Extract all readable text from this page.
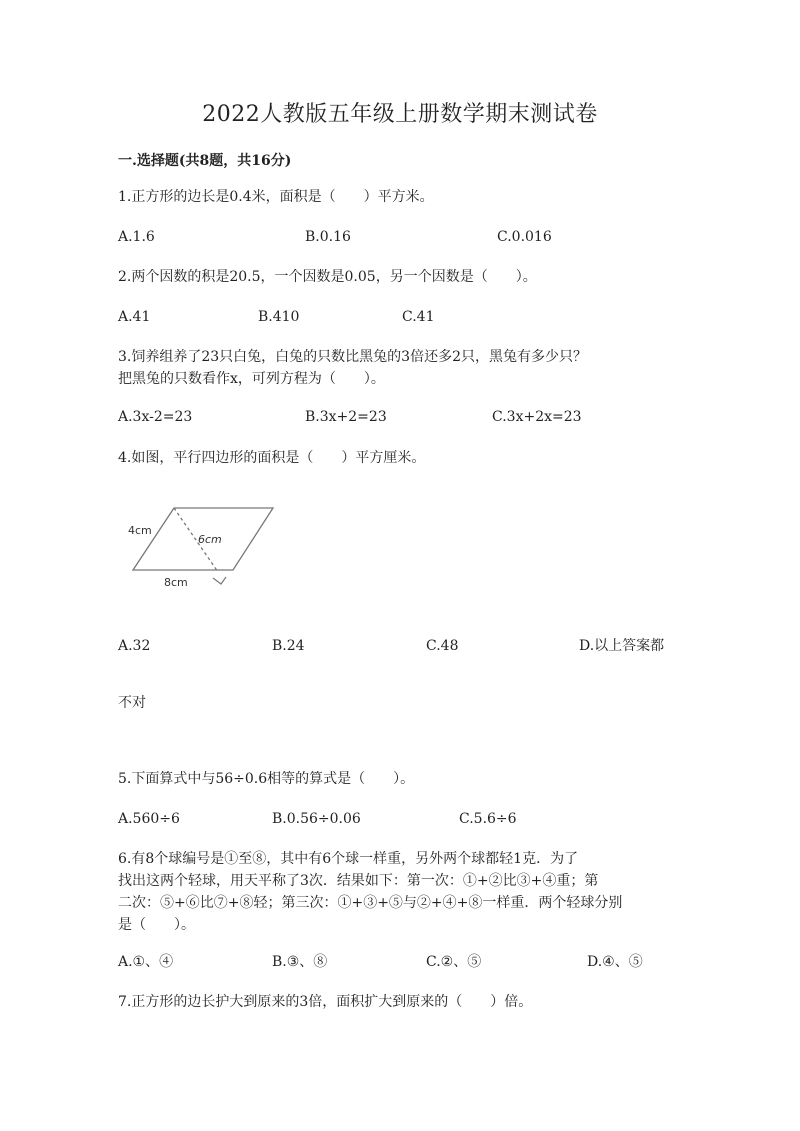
2022人教版五年级上册数学期末测试卷
一.选择题(共8题，共16分)
1.正方形的边长是0.4米，面积是（　　）平方米。
A.1.6	B.0.16	C.0.016
2.两个因数的积是20.5，一个因数是0.05，另一个因数是（　　）。
A.41	B.410	C.41
3.饲养组养了23只白兔，白兔的只数比黑兔的3倍还多2只，黑兔有多少只？
把黑兔的只数看作x，可列方程为（　　）。
A.3x-2=23	B.3x+2=23	C.3x+2x=23
4.如图，平行四边形的面积是（　　）平方厘米。
4cm
6cm
8cm
A.32	B.24	C.48	D.以上答案都
不对
5.下面算式中与56÷0.6相等的算式是（　　）。
A.560÷6	B.0.56÷0.06	C.5.6÷6
6.有8个球编号是①至⑧，其中有6个球一样重，另外两个球都轻1克．为了
找出这两个轻球，用天平称了3次．结果如下：第一次：①+②比③+④重；第
二次：⑤+⑥比⑦+⑧轻；第三次：①+③+⑤与②+④+⑧一样重．两个轻球分别
是（　　）。
A.①、④	B.③、⑧	C.②、⑤	D.④、⑤
7.正方形的边长护大到原来的3倍，面积扩大到原来的（　　）倍。
